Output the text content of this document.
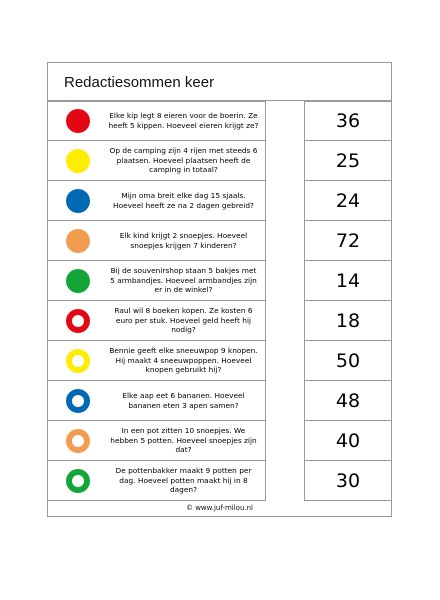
Redactiesommen keer
Elke kip legt 8 eieren voor de boerin. Ze heeft 5 kippen. Hoeveel eieren krijgt ze?
Op de camping zijn 4 rijen met steeds 6 plaatsen. Hoeveel plaatsen heeft de camping in totaal?
Mijn oma breit elke dag 15 sjaals. Hoeveel heeft ze na 2 dagen gebreid?
Elk kind krijgt 2 snoepjes. Hoeveel snoepjes krijgen 7 kinderen?
Bij de souvenirshop staan 5 bakjes met 5 armbandjes. Hoeveel armbandjes zijn er in de winkel?
Raul wil 8 boeken kopen. Ze kosten 6 euro per stuk. Hoeveel geld heeft hij nodig?
Bennie geeft elke sneeuwpop 9 knopen. Hij maakt 4 sneeuwpoppen. Hoeveel knopen gebruikt hij?
Elke aap eet 6 bananen. Hoeveel bananen eten 3 apen samen?
In een pot zitten 10 snoepjes. We hebben 5 potten. Hoeveel snoepjes zijn dat?
De pottenbakker maakt 9 potten per dag. Hoeveel potten maakt hij in 8 dagen?
36
25
24
72
14
18
50
48
40
30
© www.juf-milou.nl
